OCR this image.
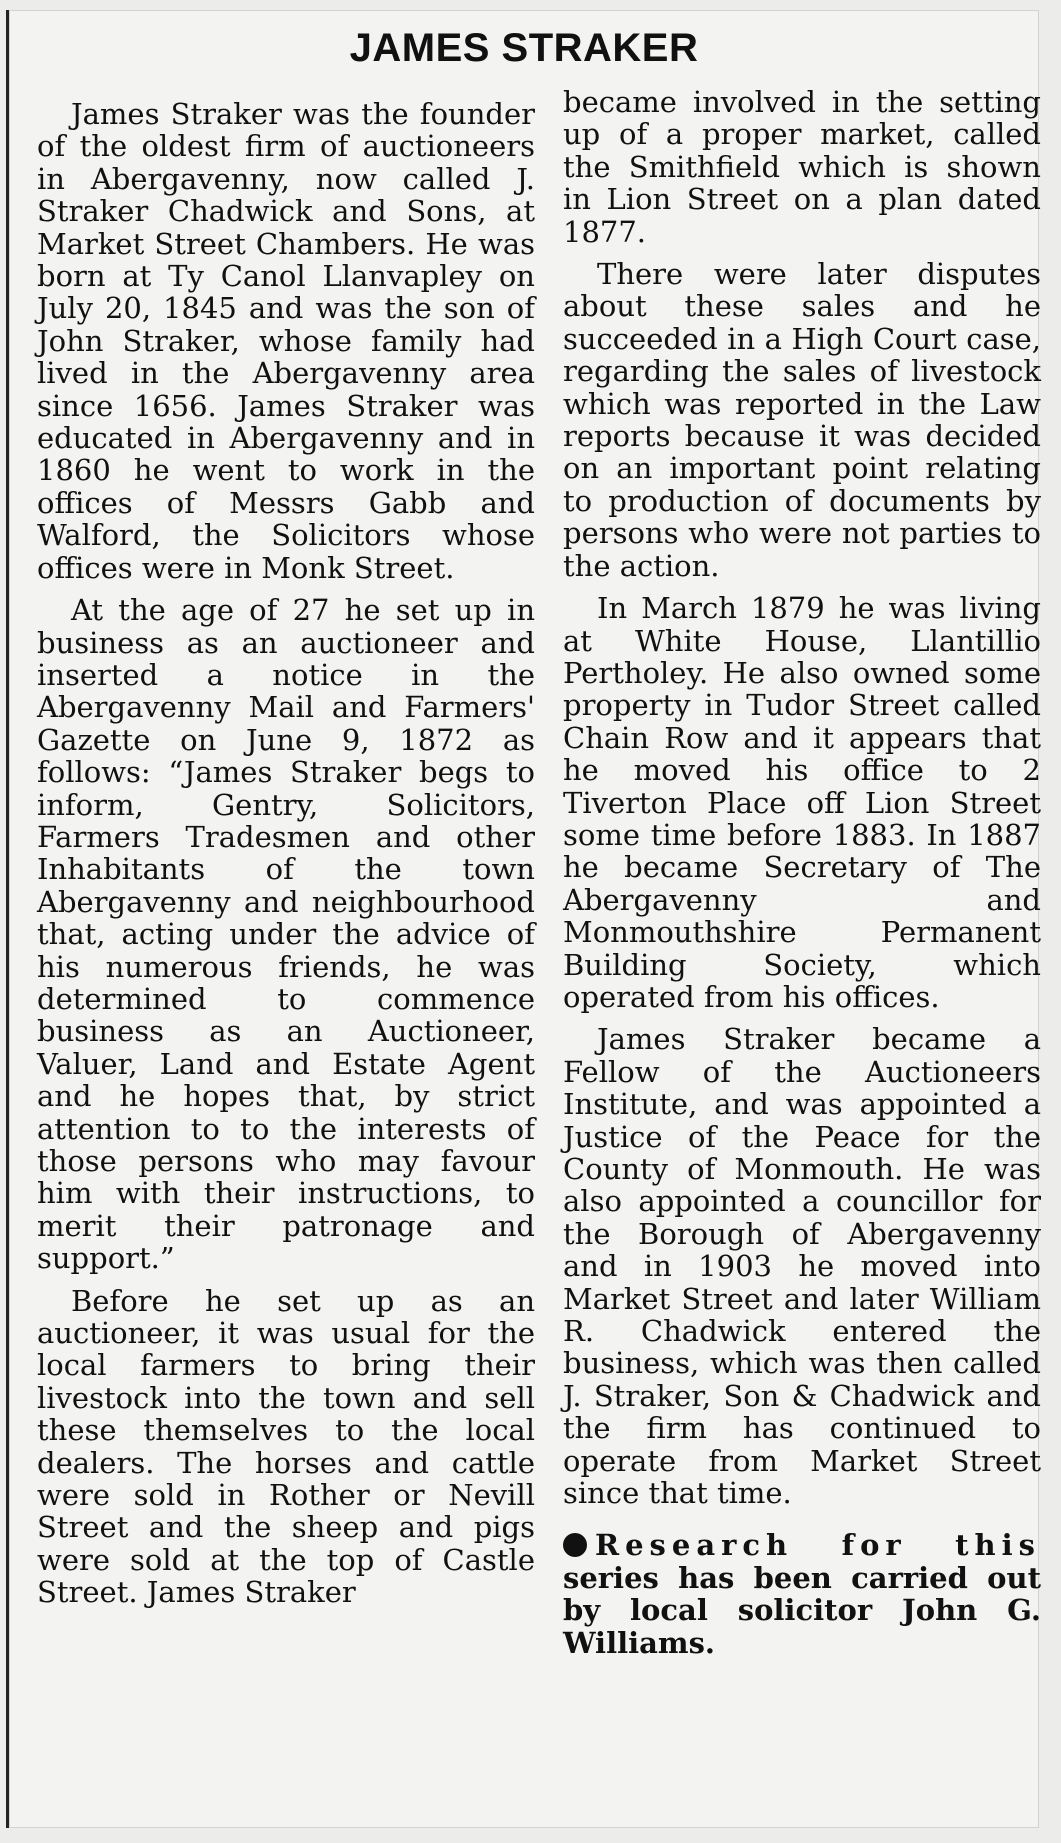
JAMES STRAKER

James Straker was the founder of the oldest firm of auctioneers in Abergavenny, now called J. Straker Chadwick and Sons, at Market Street Chambers. He was born at Ty Canol Llanvapley on July 20, 1845 and was the son of John Straker, whose family had lived in the Abergavenny area since 1656. James Straker was educated in Abergavenny and in 1860 he went to work in the offices of Messrs Gabb and Walford, the Solicitors whose offices were in Monk Street.

At the age of 27 he set up in business as an auctioneer and inserted a notice in the Abergavenny Mail and Farmers' Gazette on June 9, 1872 as follows: “James Straker begs to inform, Gentry, Solicitors, Farmers Tradesmen and other Inhabitants of the town Abergavenny and neighbourhood that, acting under the advice of his numerous friends, he was determined to commence business as an Auctioneer, Valuer, Land and Estate Agent and he hopes that, by strict attention to to the interests of those persons who may favour him with their instructions, to merit their patronage and support.”

Before he set up as an auctioneer, it was usual for the local farmers to bring their livestock into the town and sell these themselves to the local dealers. The horses and cattle were sold in Rother or Nevill Street and the sheep and pigs were sold at the top of Castle Street. James Straker

became involved in the setting up of a proper market, called the Smithfield which is shown in Lion Street on a plan dated 1877.

There were later disputes about these sales and he succeeded in a High Court case, regarding the sales of livestock which was reported in the Law reports because it was decided on an important point relating to production of documents by persons who were not parties to the action.

In March 1879 he was living at White House, Llantillio Pertholey. He also owned some property in Tudor Street called Chain Row and it appears that he moved his office to 2 Tiverton Place off Lion Street some time before 1883. In 1887 he became Secretary of The Abergavenny and Monmouthshire Permanent Building Society, which operated from his offices.

James Straker became a Fellow of the Auctioneers Institute, and was appointed a Justice of the Peace for the County of Monmouth. He was also appointed a councillor for the Borough of Abergavenny and in 1903 he moved into Market Street and later William R. Chadwick entered the business, which was then called J. Straker, Son & Chadwick and the firm has continued to operate from Market Street since that time.

Research for this series has been carried out by local solicitor John G. Williams.
